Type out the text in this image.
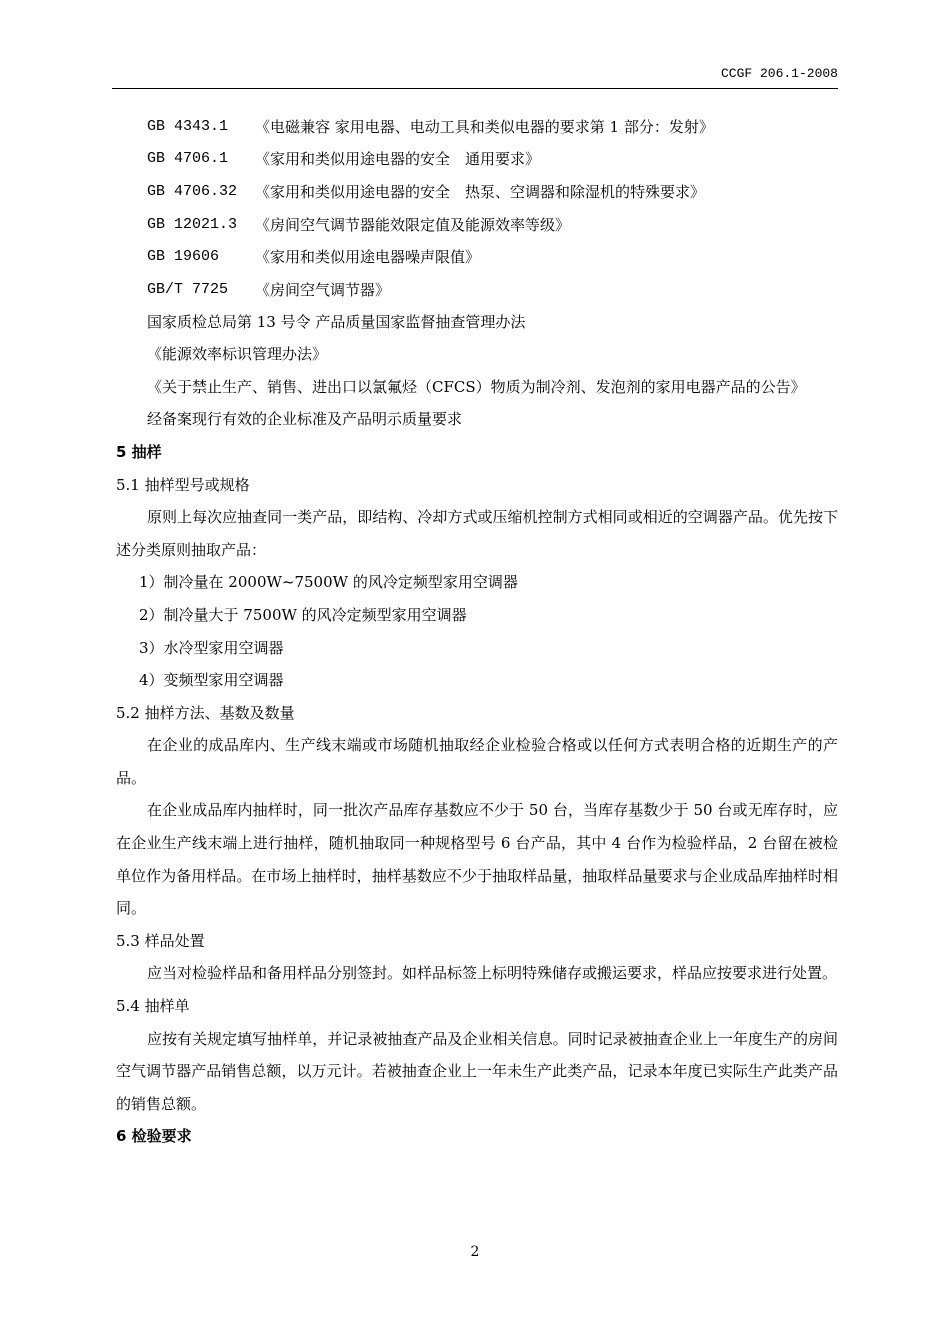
CCGF 206.1-2008
GB 4343.1	《电磁兼容 家用电器、电动工具和类似电器的要求第 1 部分：发射》
GB 4706.1	《家用和类似用途电器的安全　通用要求》
GB 4706.32	《家用和类似用途电器的安全　热泵、空调器和除湿机的特殊要求》
GB 12021.3	《房间空气调节器能效限定值及能源效率等级》
GB 19606	《家用和类似用途电器噪声限值》
GB/T 7725	《房间空气调节器》
国家质检总局第 13 号令 产品质量国家监督抽查管理办法
《能源效率标识管理办法》
《关于禁止生产、销售、进出口以氯氟烃（CFCS）物质为制冷剂、发泡剂的家用电器产品的公告》
经备案现行有效的企业标准及产品明示质量要求
5 抽样
5.1 抽样型号或规格
原则上每次应抽查同一类产品，即结构、冷却方式或压缩机控制方式相同或相近的空调器产品。优先按下述分类原则抽取产品：
1）制冷量在 2000W~7500W 的风冷定频型家用空调器
2）制冷量大于 7500W 的风冷定频型家用空调器
3）水冷型家用空调器
4）变频型家用空调器
5.2 抽样方法、基数及数量
在企业的成品库内、生产线末端或市场随机抽取经企业检验合格或以任何方式表明合格的近期生产的产品。
在企业成品库内抽样时，同一批次产品库存基数应不少于 50 台，当库存基数少于 50 台或无库存时，应在企业生产线末端上进行抽样，随机抽取同一种规格型号 6 台产品，其中 4 台作为检验样品，2 台留在被检单位作为备用样品。在市场上抽样时，抽样基数应不少于抽取样品量，抽取样品量要求与企业成品库抽样时相同。
5.3 样品处置
应当对检验样品和备用样品分别签封。如样品标签上标明特殊储存或搬运要求，样品应按要求进行处置。
5.4 抽样单
应按有关规定填写抽样单，并记录被抽查产品及企业相关信息。同时记录被抽查企业上一年度生产的房间空气调节器产品销售总额，以万元计。若被抽查企业上一年未生产此类产品，记录本年度已实际生产此类产品的销售总额。
6 检验要求
2
